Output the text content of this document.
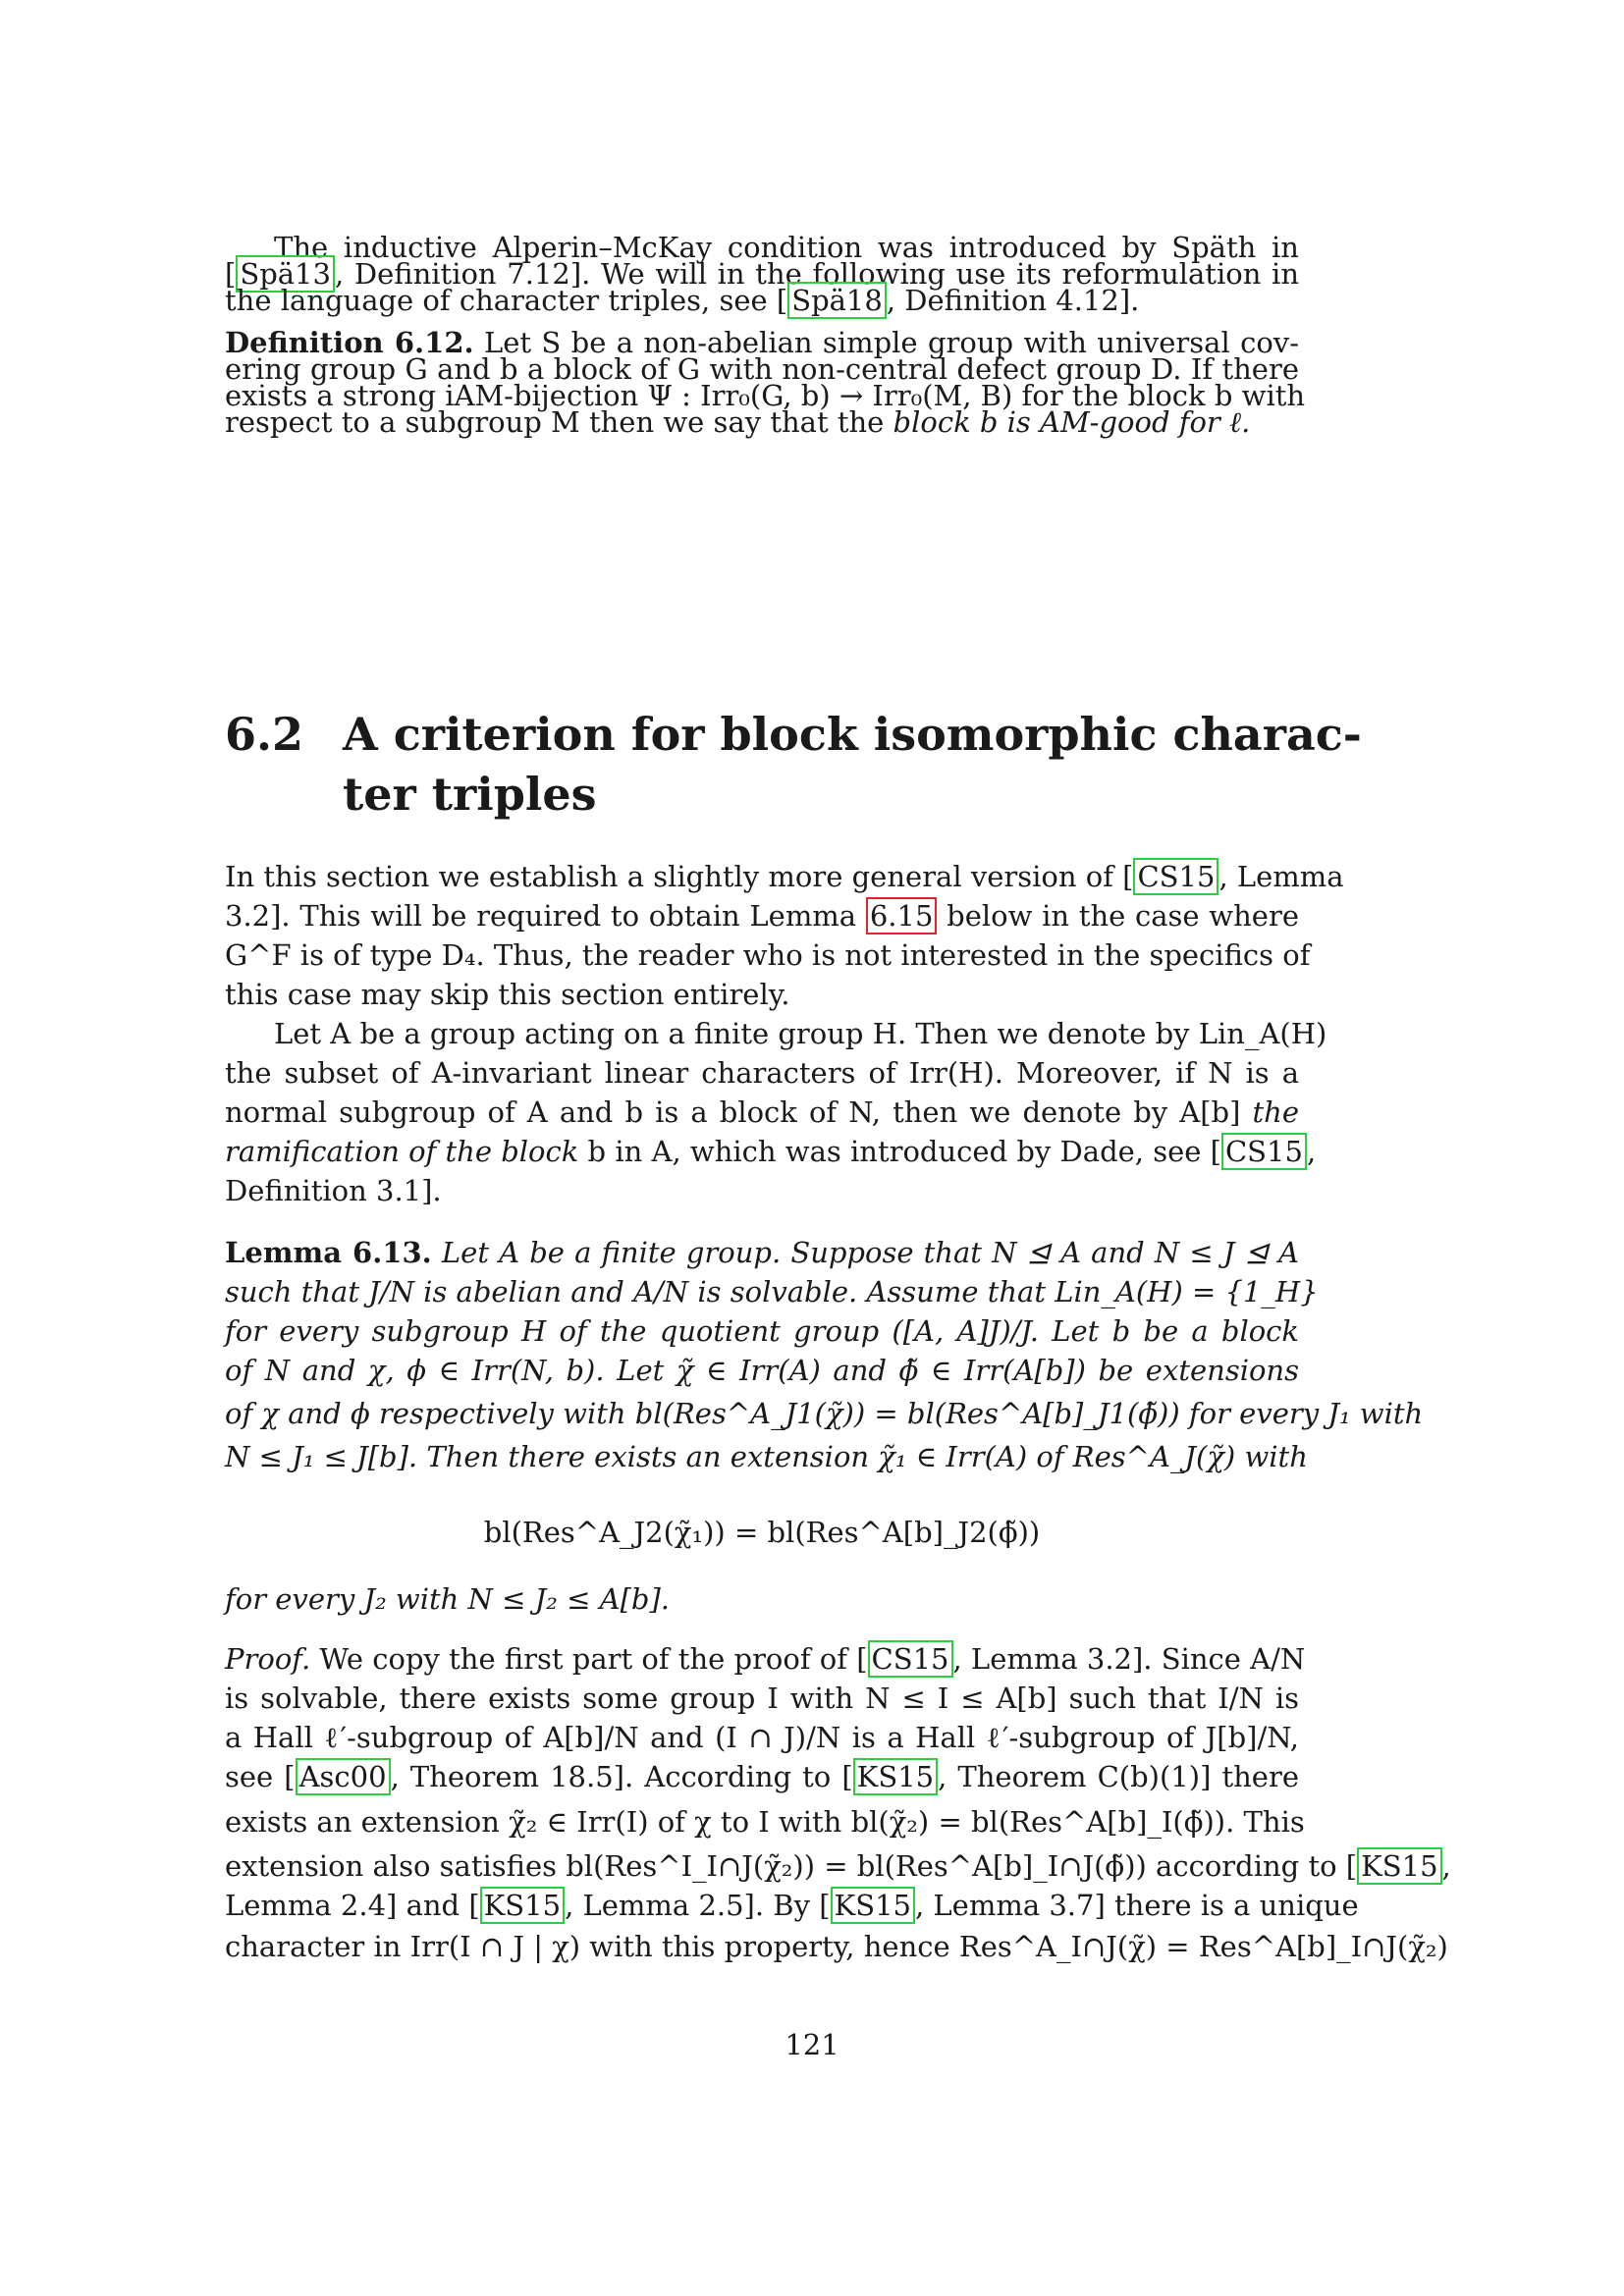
The inductive Alperin–McKay condition was introduced by Späth in

[ Spä13 , Definition 7.12]. We will in the following use its reformulation in

the language of character triples, see [ Spä18 , Definition 4.12].

Definition 6.12. Let S be a non-abelian simple group with universal cov-

ering group G and b a block of G with non-central defect group D. If there

exists a strong iAM-bijection Ψ : Irr₀(G, b) → Irr₀(M, B) for the block b with

respect to a subgroup M then we say that the block b is AM-good for ℓ.

6.2 A criterion for block isomorphic charac-

ter triples

In this section we establish a slightly more general version of [ CS15 , Lemma

3.2]. This will be required to obtain Lemma 6.15 below in the case where

G^F is of type D₄. Thus, the reader who is not interested in the specifics of

this case may skip this section entirely.

Let A be a group acting on a finite group H. Then we denote by Lin_A(H)

the subset of A-invariant linear characters of Irr(H). Moreover, if N is a

normal subgroup of A and b is a block of N, then we denote by A[b] the

ramification of the block b in A, which was introduced by Dade, see [ CS15 ,

Definition 3.1].

Lemma 6.13. Let A be a finite group. Suppose that N ⊴ A and N ≤ J ⊴ A

such that J/N is abelian and A/N is solvable. Assume that Lin_A(H) = {1_H}

for every subgroup H of the quotient group ([A, A]J)/J. Let b be a block

of N and χ, ϕ ∈ Irr(N, b). Let χ̃ ∈ Irr(A) and ϕ̃ ∈ Irr(A[b]) be extensions

of χ and ϕ respectively with bl(Res^A_J1(χ̃)) = bl(Res^A[b]_J1(ϕ̃)) for every J₁ with

N ≤ J₁ ≤ J[b]. Then there exists an extension χ̃₁ ∈ Irr(A) of Res^A_J(χ̃) with

bl(Res^A_J2(χ̃₁)) = bl(Res^A[b]_J2(ϕ̃))

for every J₂ with N ≤ J₂ ≤ A[b].

Proof. We copy the first part of the proof of [ CS15 , Lemma 3.2]. Since A/N

is solvable, there exists some group I with N ≤ I ≤ A[b] such that I/N is

a Hall ℓ′-subgroup of A[b]/N and (I ∩ J)/N is a Hall ℓ′-subgroup of J[b]/N,

see [ Asc00 , Theorem 18.5]. According to [ KS15 , Theorem C(b)(1)] there

exists an extension χ̃₂ ∈ Irr(I) of χ to I with bl(χ̃₂) = bl(Res^A[b]_I(ϕ̃)). This

extension also satisfies bl(Res^I_I∩J(χ̃₂)) = bl(Res^A[b]_I∩J(ϕ̃)) according to [ KS15 ,

Lemma 2.4] and [ KS15 , Lemma 2.5]. By [ KS15 , Lemma 3.7] there is a unique

character in Irr(I ∩ J | χ) with this property, hence Res^A_I∩J(χ̃) = Res^A[b]_I∩J(χ̃₂)

121
